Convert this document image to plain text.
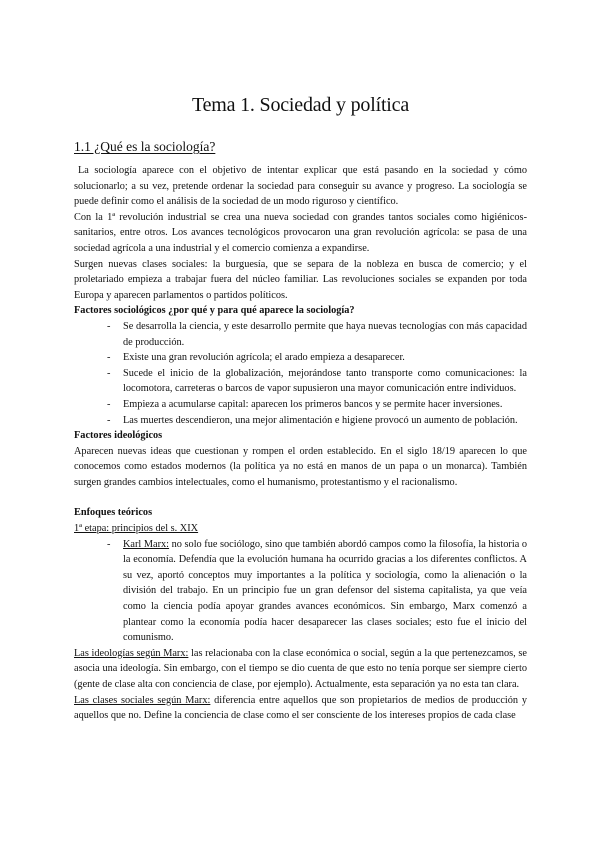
Tema 1. Sociedad y política
1.1 ¿Qué es la sociología?

La sociología aparece con el objetivo de intentar explicar que está pasando en la sociedad y cómo solucionarlo; a su vez, pretende ordenar la sociedad para conseguir su avance y progreso. La sociología se puede definir como el análisis de la sociedad de un modo riguroso y científico.

Con la 1ª revolución industrial se crea una nueva sociedad con grandes tantos sociales como higiénicos-sanitarios, entre otros. Los avances tecnológicos provocaron una gran revolución agrícola: se pasa de una sociedad agrícola a una industrial y el comercio comienza a expandirse.

Surgen nuevas clases sociales: la burguesía, que se separa de la nobleza en busca de comercio; y el proletariado empieza a trabajar fuera del núcleo familiar. Las revoluciones sociales se expanden por toda Europa y aparecen parlamentos o partidos políticos.

Factores sociológicos ¿por qué y para qué aparece la sociología?

- Se desarrolla la ciencia, y este desarrollo permite que haya nuevas tecnologías con más capacidad de producción.
- Existe una gran revolución agrícola; el arado empieza a desaparecer.
- Sucede el inicio de la globalización, mejorándose tanto transporte como comunicaciones: la locomotora, carreteras o barcos de vapor supusieron una mayor comunicación entre individuos.
- Empieza a acumularse capital: aparecen los primeros bancos y se permite hacer inversiones.
- Las muertes descendieron, una mejor alimentación e higiene provocó un aumento de población.

Factores ideológicos

Aparecen nuevas ideas que cuestionan y rompen el orden establecido. En el siglo 18/19 aparecen lo que conocemos como estados modernos (la política ya no está en manos de un papa o un monarca). También surgen grandes cambios intelectuales, como el humanismo, protestantismo y el racionalismo.

Enfoques teóricos

1ª etapa: principios del s. XIX

- Karl Marx: no solo fue sociólogo, sino que también abordó campos como la filosofía, la historia o la economía. Defendía que la evolución humana ha ocurrido gracias a los diferentes conflictos. A su vez, aportó conceptos muy importantes a la política y sociología, como la alienación o la división del trabajo. En un principio fue un gran defensor del sistema capitalista, ya que veía como la ciencia podía apoyar grandes avances económicos. Sin embargo, Marx comenzó a plantear como la economía podía hacer desaparecer las clases sociales; esto fue el inicio del comunismo.

Las ideologías según Marx: las relacionaba con la clase económica o social, según a la que pertenezcamos, se asocia una ideología. Sin embargo, con el tiempo se dio cuenta de que esto no tenía porque ser siempre cierto (gente de clase alta con conciencia de clase, por ejemplo). Actualmente, esta separación ya no esta tan clara.

Las clases sociales según Marx: diferencia entre aquellos que son propietarios de medios de producción y aquellos que no. Define la conciencia de clase como el ser consciente de los intereses propios de cada clase
